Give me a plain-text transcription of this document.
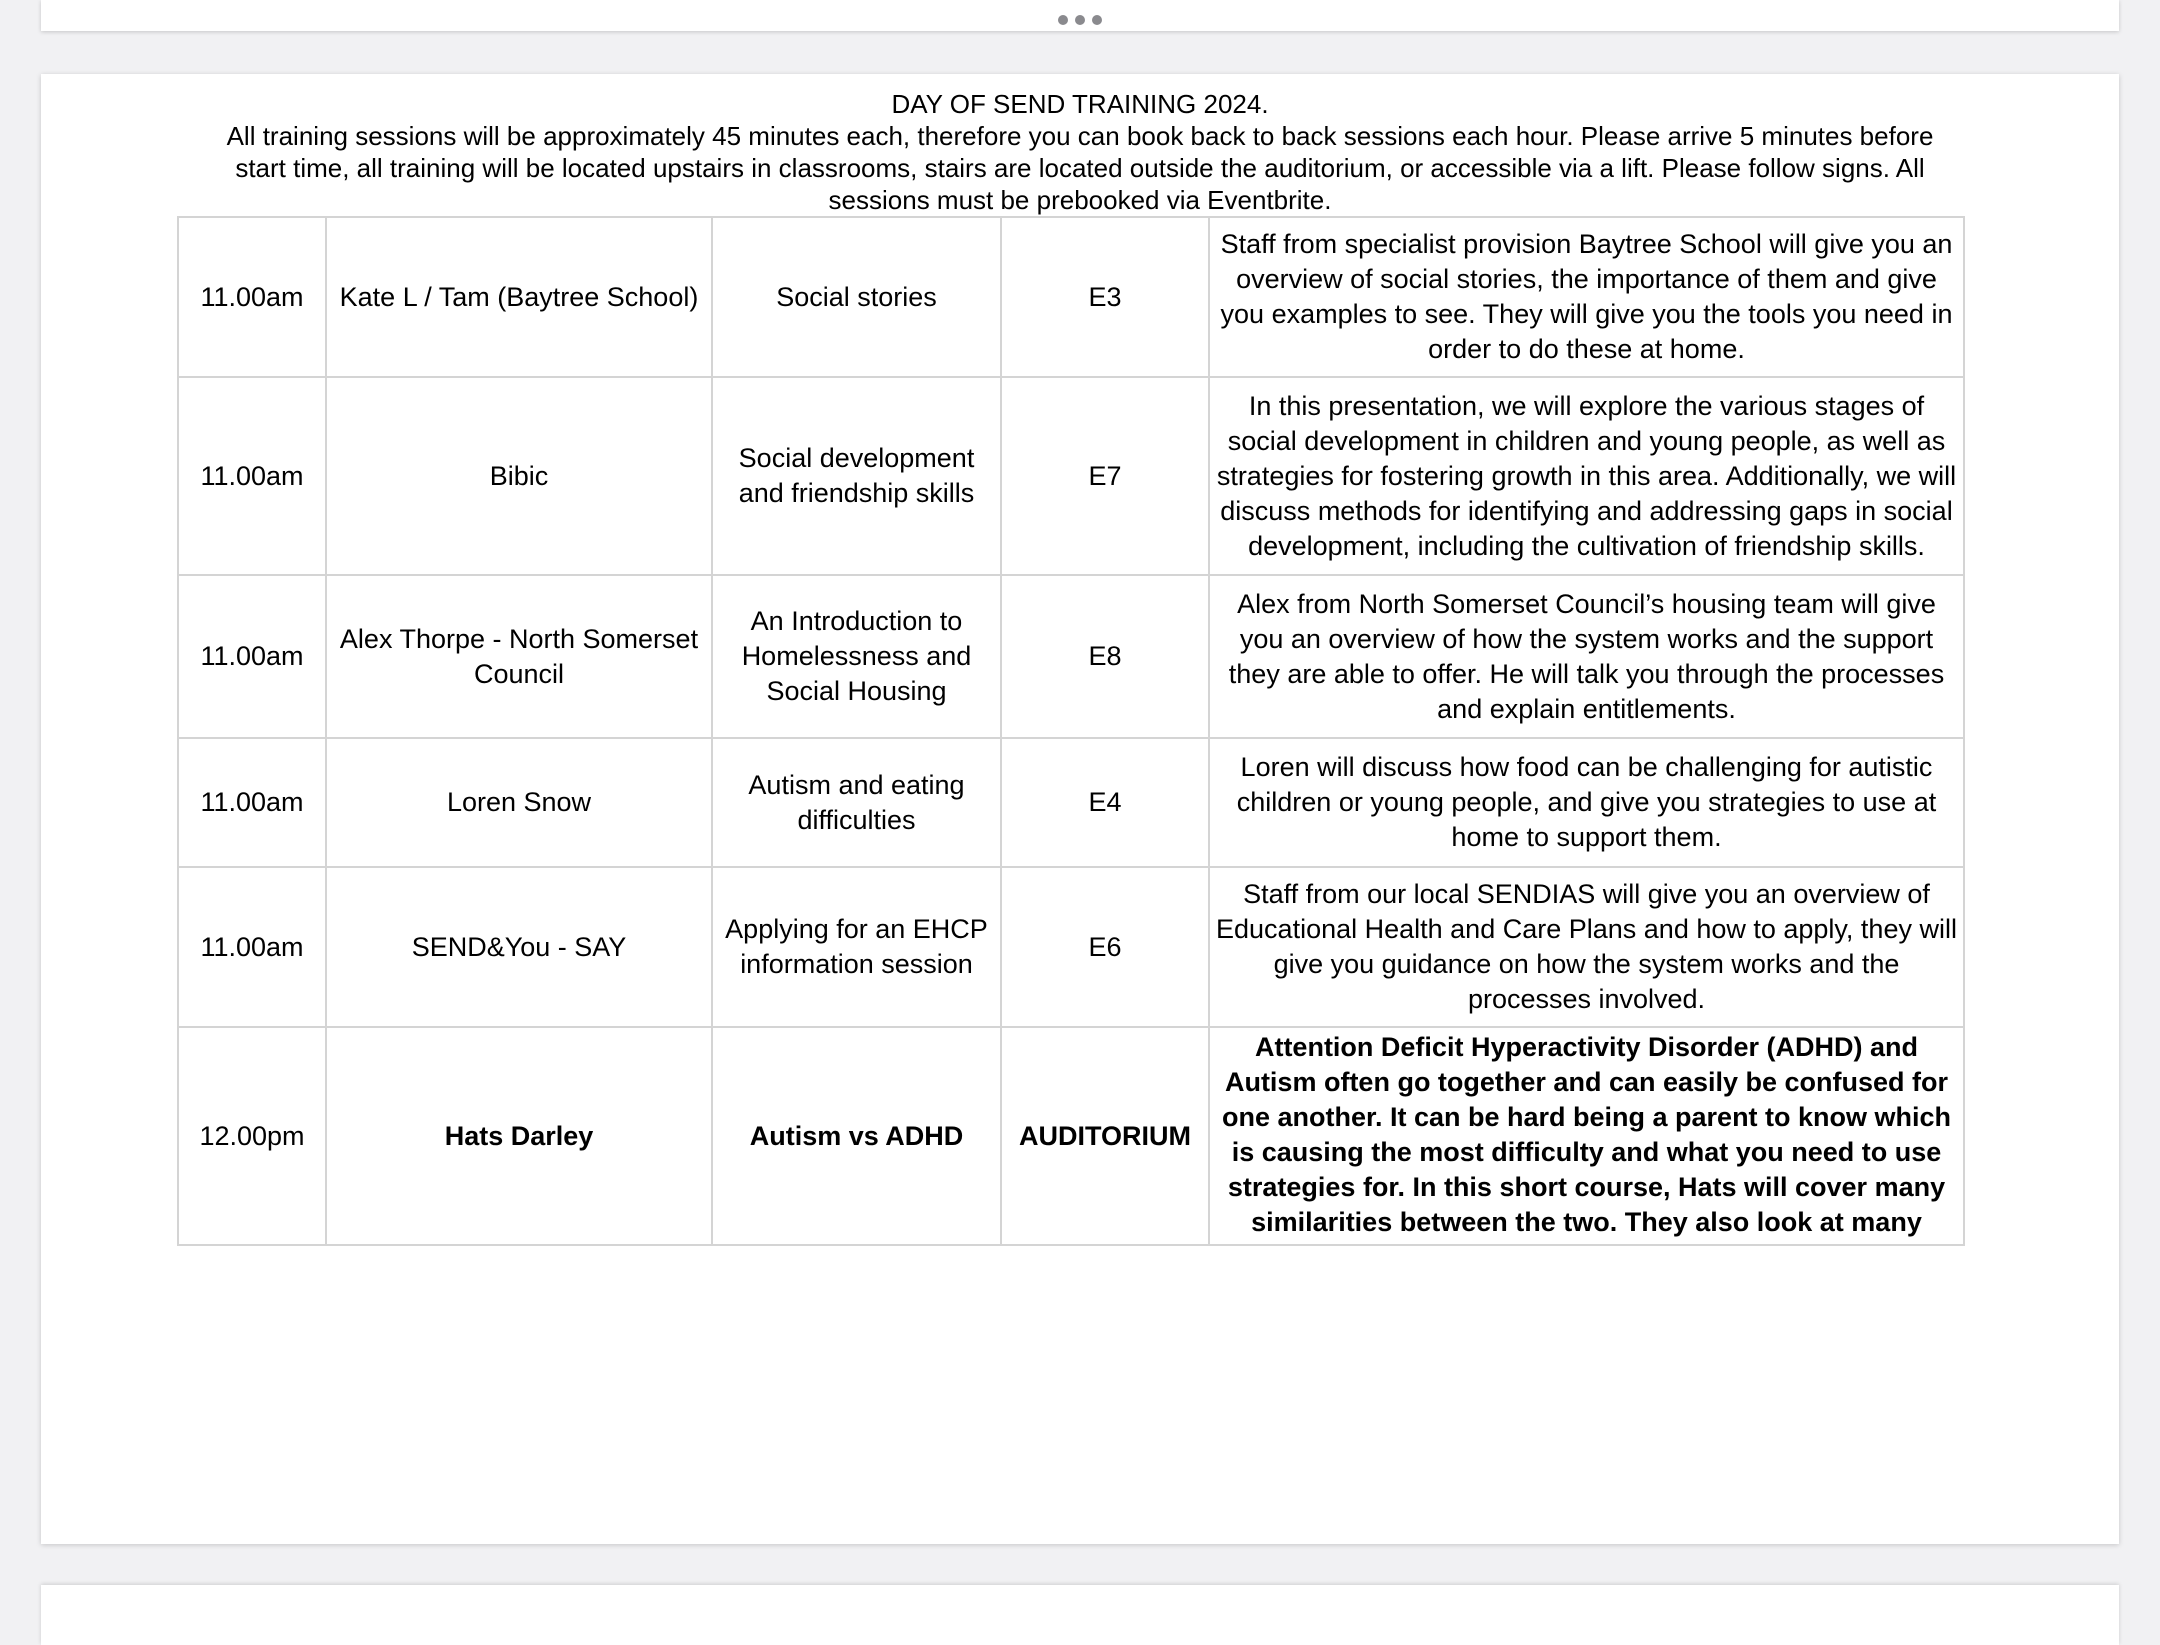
DAY OF SEND TRAINING 2024.
All training sessions will be approximately 45 minutes each, therefore you can book back to back sessions each hour. Please arrive 5 minutes before start time, all training will be located upstairs in classrooms, stairs are located outside the auditorium, or accessible via a lift. Please follow signs. All sessions must be prebooked via Eventbrite.
11.00am	Kate L / Tam (Baytree School)	Social stories	E3	Staff from specialist provision Baytree School will give you an overview of social stories, the importance of them and give you examples to see. They will give you the tools you need in order to do these at home.
11.00am	Bibic	Social development and friendship skills	E7	In this presentation, we will explore the various stages of social development in children and young people, as well as strategies for fostering growth in this area. Additionally, we will discuss methods for identifying and addressing gaps in social development, including the cultivation of friendship skills.
11.00am	Alex Thorpe - North Somerset Council	An Introduction to Homelessness and Social Housing	E8	Alex from North Somerset Council’s housing team will give you an overview of how the system works and the support they are able to offer. He will talk you through the processes and explain entitlements.
11.00am	Loren Snow	Autism and eating difficulties	E4	Loren will discuss how food can be challenging for autistic children or young people, and give you strategies to use at home to support them.
11.00am	SEND&You - SAY	Applying for an EHCP information session	E6	Staff from our local SENDIAS will give you an overview of Educational Health and Care Plans and how to apply, they will give you guidance on how the system works and the processes involved.
12.00pm	Hats Darley	Autism vs ADHD	AUDITORIUM	Attention Deficit Hyperactivity Disorder (ADHD) and Autism often go together and can easily be confused for one another. It can be hard being a parent to know which is causing the most difficulty and what you need to use strategies for. In this short course, Hats will cover many similarities between the two. They also look at many
